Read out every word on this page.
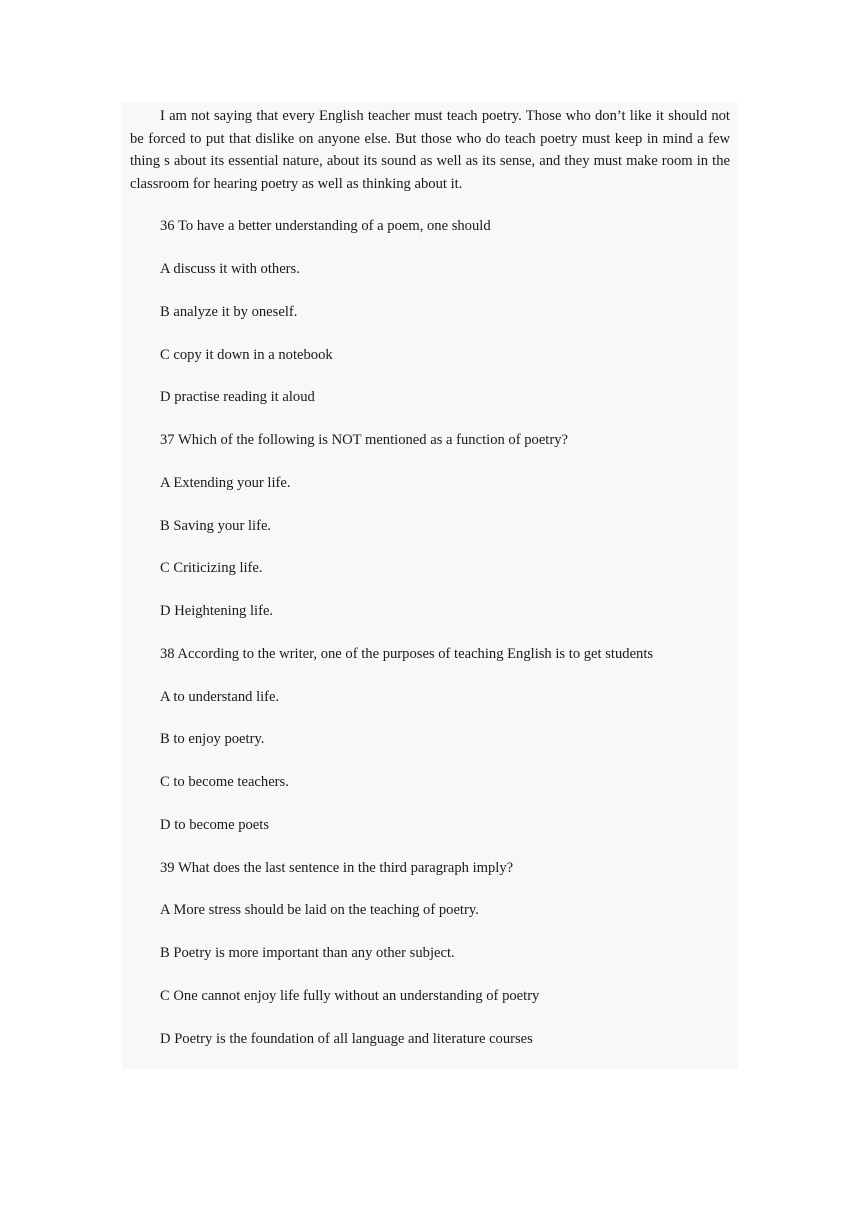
I am not saying that every English teacher must teach poetry. Those who don’t like it should not be forced to put that dislike on anyone else. But those who do teach poetry must keep in mind a few thing s about its essential nature, about its sound as well as its sense, and they must make room in the classroom for hearing poetry as well as thinking about it.

36 To have a better understanding of a poem, one should

A discuss it with others.

B analyze it by oneself.

C copy it down in a notebook

D practise reading it aloud

37 Which of the following is NOT mentioned as a function of poetry?

A Extending your life.

B Saving your life.

C Criticizing life.

D Heightening life.

38 According to the writer, one of the purposes of teaching English is to get students

A to understand life.

B to enjoy poetry.

C to become teachers.

D to become poets

39 What does the last sentence in the third paragraph imply?

A More stress should be laid on the teaching of poetry.

B Poetry is more important than any other subject.

C One cannot enjoy life fully without an understanding of poetry

D Poetry is the foundation of all language and literature courses
